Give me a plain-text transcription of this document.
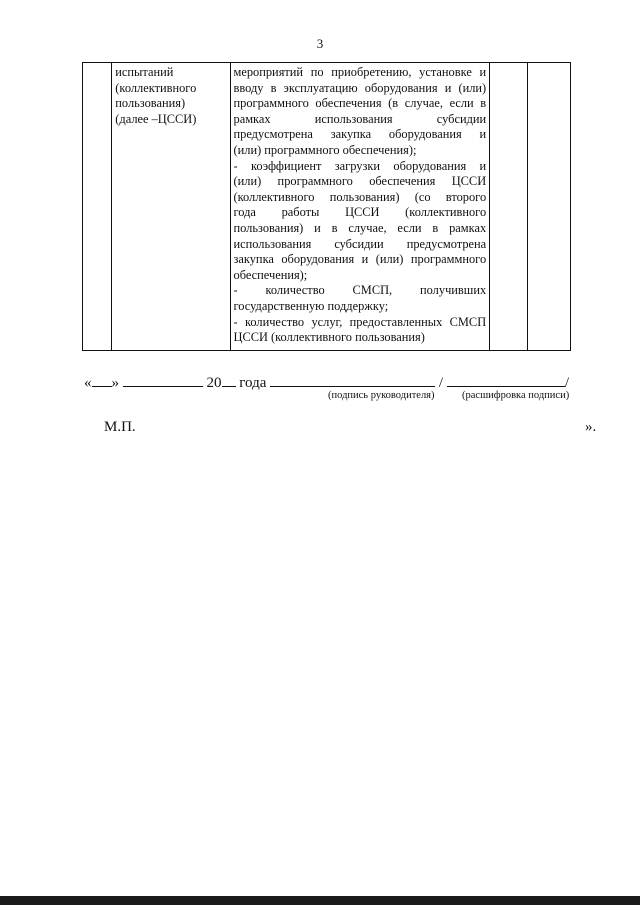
3

испытаний
(коллективного
пользования)
(далее –ЦССИ)

мероприятий по приобретению, установке и
вводу в эксплуатацию оборудования и (или)
программного обеспечения (в случае, если в
рамках использования субсидии
предусмотрена закупка оборудования и
(или) программного обеспечения);
- коэффициент загрузки оборудования и
(или) программного обеспечения ЦССИ
(коллективного пользования) (со второго
года работы ЦССИ (коллективного
пользования) и в случае, если в рамках
использования субсидии предусмотрена
закупка оборудования и (или) программного
обеспечения);
- количество СМСП, получивших
государственную поддержку;
- количество услуг, предоставленных СМСП
ЦССИ (коллективного пользования)

« »	20 года	/	/
(подпись руководителя)	(расшифровка подписи)
М.П.	».
